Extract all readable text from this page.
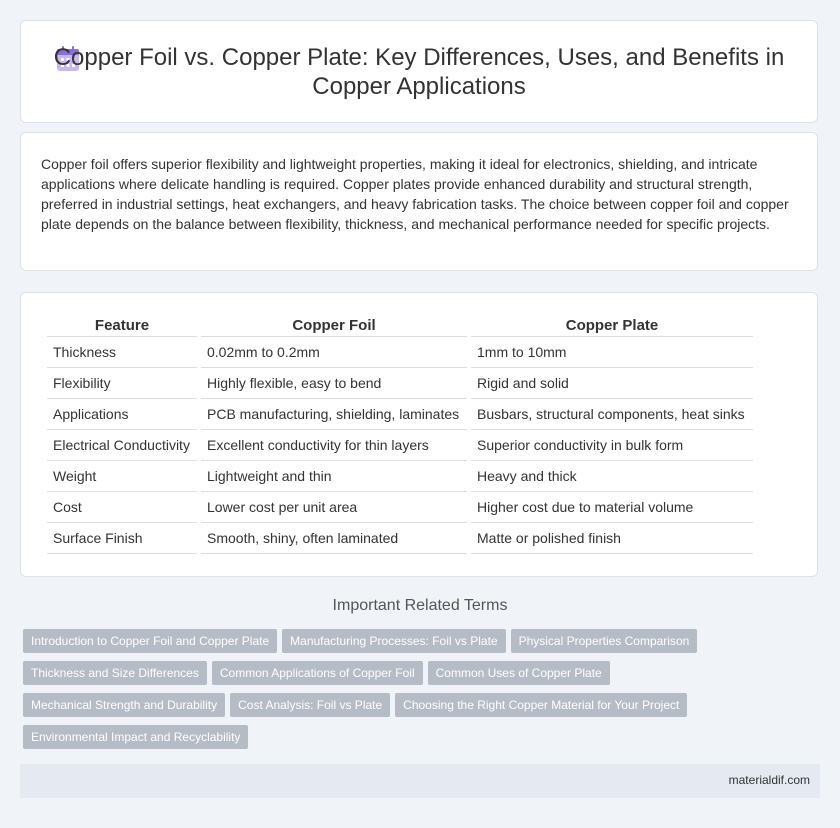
Copper Foil vs. Copper Plate: Key Differences, Uses, and Benefits in Copper Applications

Copper foil offers superior flexibility and lightweight properties, making it ideal for electronics, shielding, and intricate applications where delicate handling is required. Copper plates provide enhanced durability and structural strength, preferred in industrial settings, heat exchangers, and heavy fabrication tasks. The choice between copper foil and copper plate depends on the balance between flexibility, thickness, and mechanical performance needed for specific projects.

Feature	Copper Foil	Copper Plate
Thickness	0.02mm to 0.2mm	1mm to 10mm
Flexibility	Highly flexible, easy to bend	Rigid and solid
Applications	PCB manufacturing, shielding, laminates	Busbars, structural components, heat sinks
Electrical Conductivity	Excellent conductivity for thin layers	Superior conductivity in bulk form
Weight	Lightweight and thin	Heavy and thick
Cost	Lower cost per unit area	Higher cost due to material volume
Surface Finish	Smooth, shiny, often laminated	Matte or polished finish
Important Related Terms
Introduction to Copper Foil and Copper Plate Manufacturing Processes: Foil vs Plate Physical Properties Comparison
Thickness and Size Differences Common Applications of Copper Foil Common Uses of Copper Plate
Mechanical Strength and Durability Cost Analysis: Foil vs Plate Choosing the Right Copper Material for Your Project
Environmental Impact and Recyclability
materialdif.com
